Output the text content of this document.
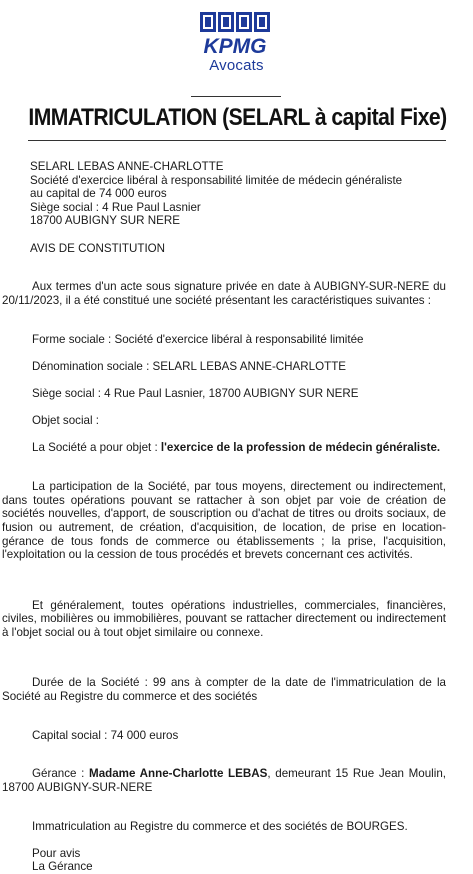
KPMG
Avocats
IMMATRICULATION (SELARL à capital Fixe)
SELARL LEBAS ANNE-CHARLOTTE
Société d'exercice libéral à responsabilité limitée de médecin généraliste
au capital de 74 000 euros
Siège social : 4 Rue Paul Lasnier
18700 AUBIGNY SUR NERE
AVIS DE CONSTITUTION

Aux termes d'un acte sous signature privée en date à AUBIGNY-SUR-NERE du 20/11/2023, il a été constitué une société présentant les caractéristiques suivantes :

Forme sociale : Société d'exercice libéral à responsabilité limitée
Dénomination sociale : SELARL LEBAS ANNE-CHARLOTTE
Siège social : 4 Rue Paul Lasnier, 18700 AUBIGNY SUR NERE
Objet social :
La Société a pour objet : l'exercice de la profession de médecin généraliste.

La participation de la Société, par tous moyens, directement ou indirectement, dans toutes opérations pouvant se rattacher à son objet par voie de création de sociétés nouvelles, d'apport, de souscription ou d'achat de titres ou droits sociaux, de fusion ou autrement, de création, d'acquisition, de location, de prise en location-gérance de tous fonds de commerce ou établissements ; la prise, l'acquisition, l'exploitation ou la cession de tous procédés et brevets concernant ces activités.

Et généralement, toutes opérations industrielles, commerciales, financières, civiles, mobilières ou immobilières, pouvant se rattacher directement ou indirectement à l'objet social ou à tout objet similaire ou connexe.

Durée de la Société : 99 ans à compter de la date de l'immatriculation de la Société au Registre du commerce et des sociétés

Capital social : 74 000 euros

Gérance : Madame Anne-Charlotte LEBAS, demeurant 15 Rue Jean Moulin, 18700 AUBIGNY-SUR-NERE

Immatriculation au Registre du commerce et des sociétés de BOURGES.
Pour avis
La Gérance
